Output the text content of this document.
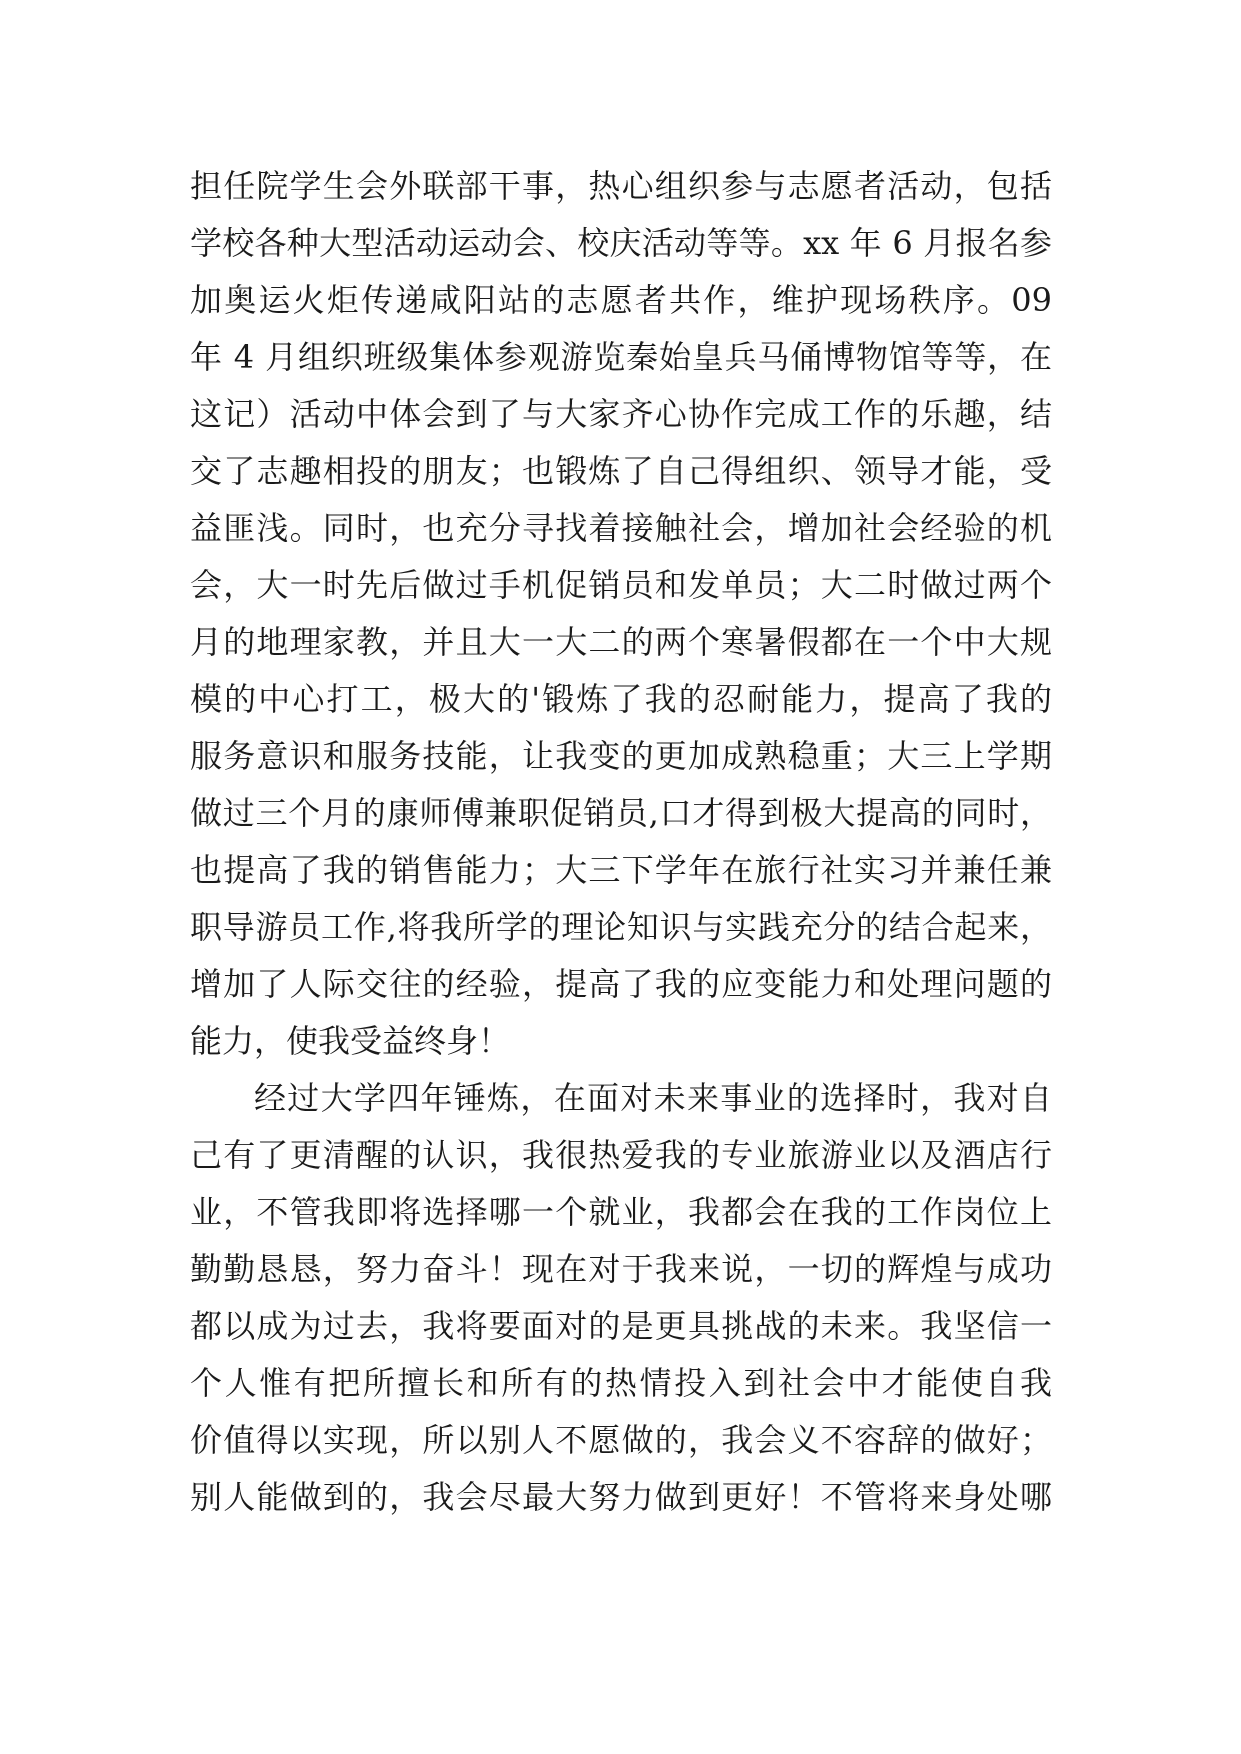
担任院学生会外联部干事，热心组织参与志愿者活动，包括
学校各种大型活动运动会、校庆活动等等。xx 年 6 月报名参
加奥运火炬传递咸阳站的志愿者共作，维护现场秩序。09
年 4 月组织班级集体参观游览秦始皇兵马俑博物馆等等，在
这记）活动中体会到了与大家齐心协作完成工作的乐趣，结
交了志趣相投的朋友；也锻炼了自己得组织、领导才能，受
益匪浅。同时，也充分寻找着接触社会，增加社会经验的机
会，大一时先后做过手机促销员和发单员；大二时做过两个
月的地理家教，并且大一大二的两个寒暑假都在一个中大规
模的中心打工，极大的'锻炼了我的忍耐能力，提高了我的
服务意识和服务技能，让我变的更加成熟稳重；大三上学期
做过三个月的康师傅兼职促销员,口才得到极大提高的同时，
也提高了我的销售能力；大三下学年在旅行社实习并兼任兼
职导游员工作,将我所学的理论知识与实践充分的结合起来，
增加了人际交往的经验，提高了我的应变能力和处理问题的
能力，使我受益终身！
经过大学四年锤炼，在面对未来事业的选择时，我对自
己有了更清醒的认识，我很热爱我的专业旅游业以及酒店行
业，不管我即将选择哪一个就业，我都会在我的工作岗位上
勤勤恳恳，努力奋斗！现在对于我来说，一切的辉煌与成功
都以成为过去，我将要面对的是更具挑战的未来。我坚信一
个人惟有把所擅长和所有的热情投入到社会中才能使自我
价值得以实现，所以别人不愿做的，我会义不容辞的做好；
别人能做到的，我会尽最大努力做到更好！不管将来身处哪
